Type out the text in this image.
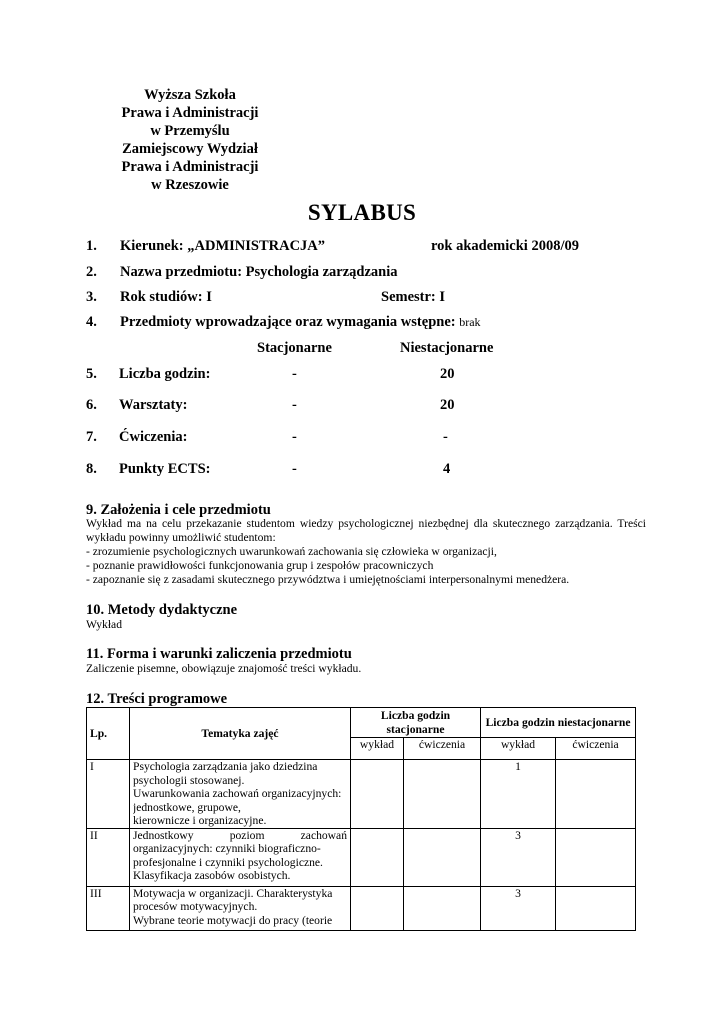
Wyższa Szkoła
Prawa i Administracji
w Przemyślu
Zamiejscowy Wydział
Prawa i Administracji
w Rzeszowie
SYLABUS
1. Kierunek: „ADMINISTRACJA”	rok akademicki 2008/09
2. Nazwa przedmiotu: Psychologia zarządzania
3. Rok studiów: I	Semestr: I
4. Przedmioty wprowadzające oraz wymagania wstępne: brak
Stacjonarne	Niestacjonarne
5. Liczba godzin:	-	20
6. Warsztaty:	-	20
7. Ćwiczenia:	-	-
8. Punkty ECTS:	-	4
9. Założenia i cele przedmiotu
Wykład ma na celu przekazanie studentom wiedzy psychologicznej niezbędnej dla skutecznego zarządzania. Treści wykładu powinny umożliwić studentom:
- zrozumienie psychologicznych uwarunkowań zachowania się człowieka w organizacji,
- poznanie prawidłowości funkcjonowania grup i zespołów pracowniczych
- zapoznanie się z zasadami skutecznego przywództwa i umiejętnościami interpersonalnymi menedżera.
10. Metody dydaktyczne
Wykład
11. Forma i warunki zaliczenia przedmiotu
Zaliczenie pisemne, obowiązuje znajomość treści wykładu.
12. Treści programowe
Lp.	Tematyka zajęć	Liczba godzin stacjonarne		Liczba godzin niestacjonarne	
		wykład	ćwiczenia	wykład	ćwiczenia
I	Psychologia zarządzania jako dziedzina
psychologii stosowanej.
Uwarunkowania zachowań organizacyjnych:
jednostkowe, grupowe,
kierownicze i organizacyjne.			1	
II	Jednostkowy poziom zachowań
organizacyjnych: czynniki biograficzno-
profesjonalne i czynniki psychologiczne.
Klasyfikacja zasobów osobistych.			3	
III	Motywacja w organizacji. Charakterystyka
procesów motywacyjnych.
Wybrane teorie motywacji do pracy (teorie			3	
